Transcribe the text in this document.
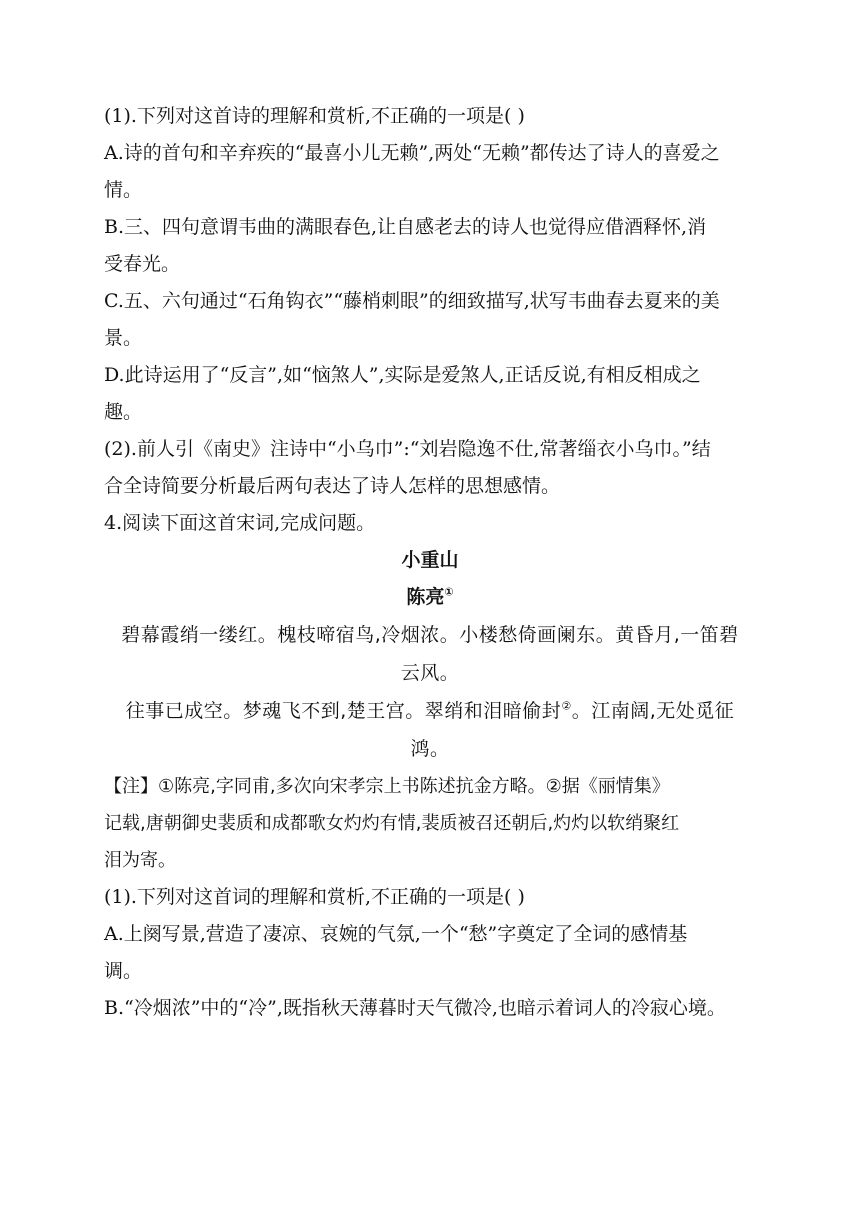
(1).下列对这首诗的理解和赏析,不正确的一项是( )
A.诗的首句和辛弃疾的“最喜小儿无赖”,两处“无赖”都传达了诗人的喜爱之
情。
B.三、四句意谓韦曲的满眼春色,让自感老去的诗人也觉得应借酒释怀,消
受春光。
C.五、六句通过“石角钩衣”“藤梢刺眼”的细致描写,状写韦曲春去夏来的美
景。
D.此诗运用了“反言”,如“恼煞人”,实际是爱煞人,正话反说,有相反相成之
趣。
(2).前人引《南史》注诗中“小乌巾”:“刘岩隐逸不仕,常著缁衣小乌巾。”结
合全诗简要分析最后两句表达了诗人怎样的思想感情。
4.阅读下面这首宋词,完成问题。
小重山
陈亮①
碧幕霞绡一缕红。槐枝啼宿鸟,冷烟浓。小楼愁倚画阑东。黄昏月,一笛碧
云风。
往事已成空。梦魂飞不到,楚王宫。翠绡和泪暗偷封②。江南阔,无处觅征
鸿。
【注】①陈亮,字同甫,多次向宋孝宗上书陈述抗金方略。②据《丽情集》
记载,唐朝御史裴质和成都歌女灼灼有情,裴质被召还朝后,灼灼以软绡聚红
泪为寄。
(1).下列对这首词的理解和赏析,不正确的一项是( )
A.上阕写景,营造了凄凉、哀婉的气氛,一个“愁”字奠定了全词的感情基
调。
B.“冷烟浓”中的“冷”,既指秋天薄暮时天气微冷,也暗示着词人的冷寂心境。
